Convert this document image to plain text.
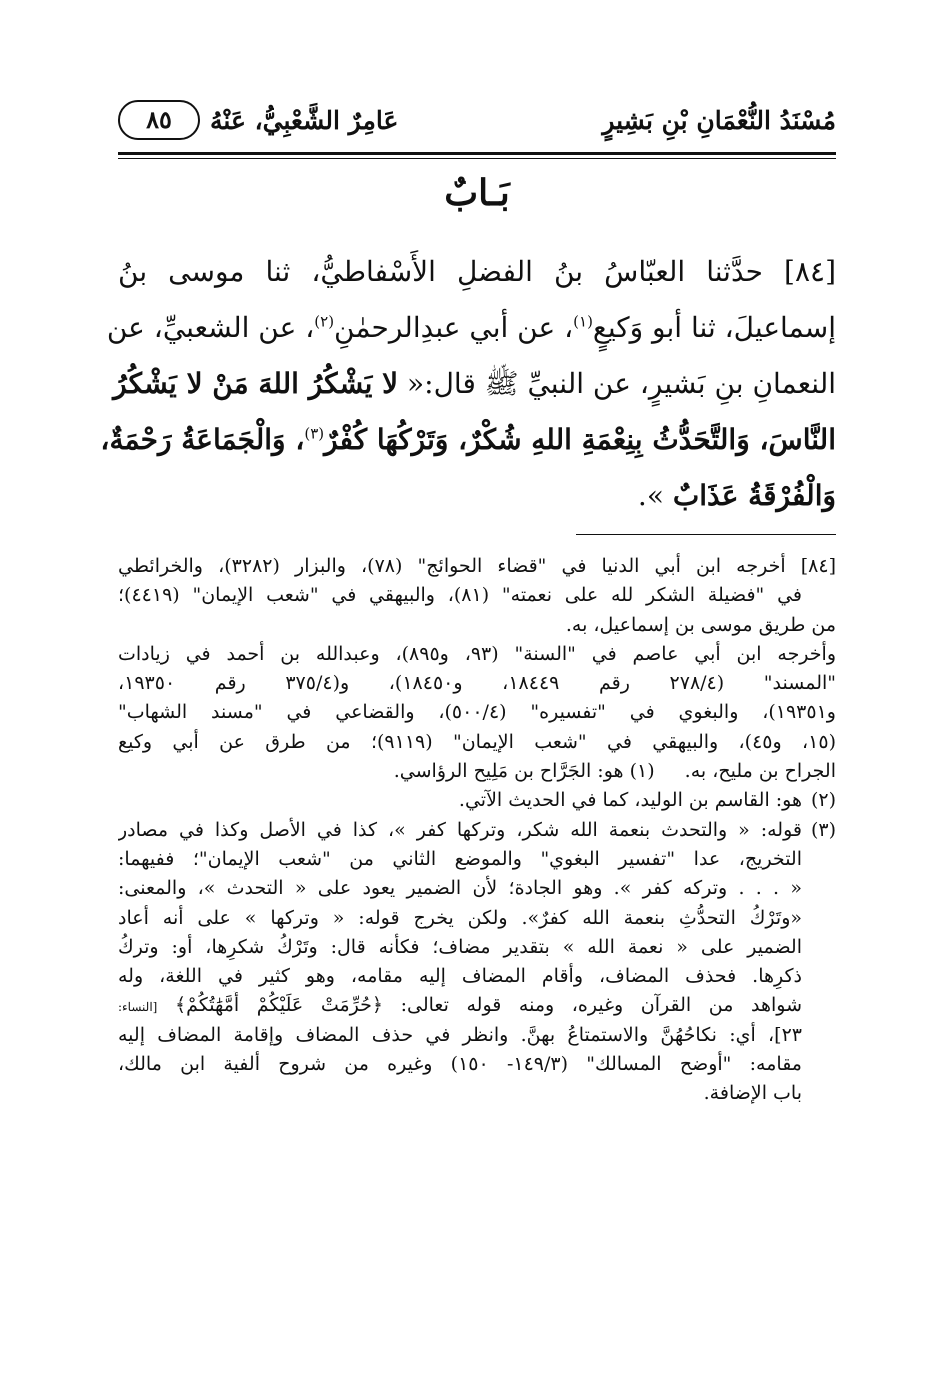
مُسْنَدُ النُّعْمَانِ بْنِ بَشِيرٍ
عَامِرٌ الشَّعْبِيُّ، عَنْهُ
٨٥
بَـابٌ
[٨٤] حدَّثنا العبّاسُ بنُ الفضلِ الأَسْفاطيُّ، ثنا موسى بنُ
إسماعيلَ، ثنا أبو وَكيعٍ$^{(١)}$، عن أبي عبدِالرحمٰنِ$^{(٢)}$، عن الشعبيِّ، عن
النعمانِ بنِ بَشيرٍ، عن النبيِّ ﷺ قال:« لا يَشْكُرُ اللهَ مَنْ لا يَشْكُرُ
النَّاسَ، وَالتَّحَدُّثُ بِنِعْمَةِ اللهِ شُكْرٌ، وَتَرْكُهَا كُفْرٌ$^{(٣)}$، وَالْجَمَاعَةُ رَحْمَةٌ،
وَالْفُرْقَةُ عَذَابٌ ».
[٨٤] أخرجه ابن أبي الدنيا في "قضاء الحوائج" (٧٨)، والبزار (٣٢٨٢)، والخرائطي
في "فضيلة الشكر لله على نعمته" (٨١)، والبيهقي في "شعب الإيمان" (٤٤١٩)؛
من طريق موسى بن إسماعيل، به.
وأخرجه ابن أبي عاصم في "السنة" (٩٣، و٨٩٥)، وعبدالله بن أحمد في زيادات
"المسند" (٢٧٨/٤ رقم ١٨٤٤٩، و١٨٤٥٠)، و(٣٧٥/٤ رقم ١٩٣٥٠،
و١٩٣٥١)، والبغوي في "تفسيره" (٥٠٠/٤)، والقضاعي في "مسند الشهاب"
(١٥، و٤٥)، والبيهقي في "شعب الإيمان" (٩١١٩)؛ من طرق عن أبي وكيع
الجراح بن مليح، به.(١) هو: الجَرَّاح بن مَلِيح الرؤاسي.
(٢)هو: القاسم بن الوليد، كما في الحديث الآتي.
(٣)قوله: « والتحدث بنعمة الله شكر، وتركها كفر »، كذا في الأصل وكذا في مصادر
التخريج، عدا "تفسير البغوي" والموضع الثاني من "شعب الإيمان"؛ ففيهما:
« . . . وتركه كفر ». وهو الجادة؛ لأن الضمير يعود على « التحدث »، والمعنى:
«وتَرْكُ التحدُّثِ بنعمة الله كفرٌ». ولكن يخرج قوله: « وتركها » على أنه أعاد
الضمير على « نعمة الله » بتقدير مضاف؛ فكأنه قال: وتَرْكُ شكرِها، أو: وتركُ
ذكرِها. فحذف المضاف، وأقام المضاف إليه مقامه، وهو كثير في اللغة، وله
شواهد من القرآن وغيره، ومنه قوله تعالى: ﴿حُرِّمَتْ عَلَيْكُمْ أُمَّهَٰتُكُمْ﴾ [النساء:
٢٣]، أي: نكاحُهُنَّ والاستمتاعُ بهنَّ. وانظر في حذف المضاف وإقامة المضاف إليه
مقامه: "أوضح المسالك" (١٤٩/٣- ١٥٠) وغيره من شروح ألفية ابن مالك،
باب الإضافة.
